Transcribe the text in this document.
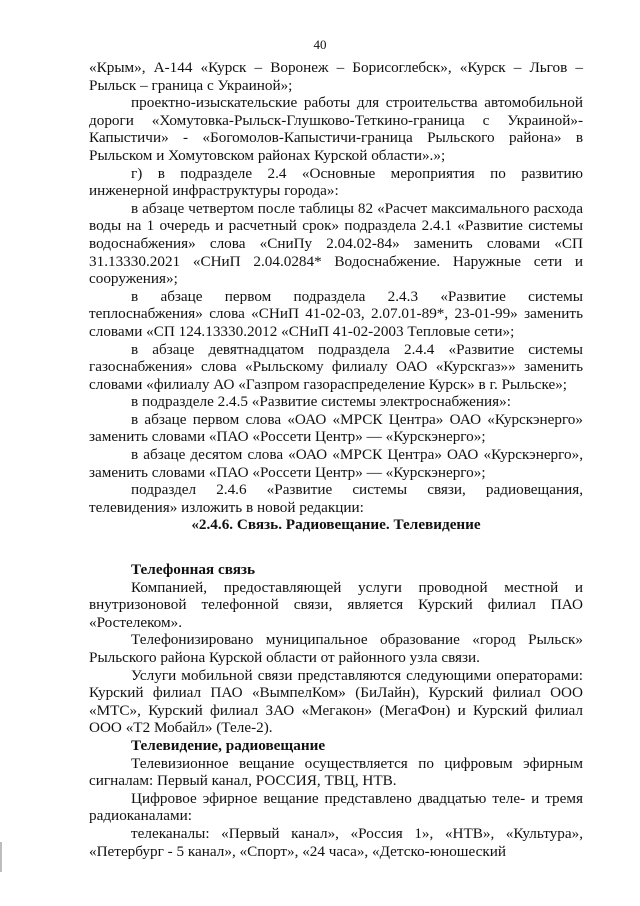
40

«Крым», А-144 «Курск – Воронеж – Борисоглебск», «Курск – Льгов – Рыльск – граница с Украиной»;

проектно-изыскательские работы для строительства автомобильной дороги «Хомутовка-Рыльск-Глушково-Теткино-граница с Украиной»-Капыстичи» - «Богомолов-Капыстичи-граница Рыльского района» в Рыльском и Хомутовском районах Курской области».»;

г) в подразделе 2.4 «Основные мероприятия по развитию инженерной инфраструктуры города»:

в абзаце четвертом после таблицы 82 «Расчет максимального расхода воды на 1 очередь и расчетный срок» подраздела 2.4.1 «Развитие системы водоснабжения» слова «СниПу 2.04.02-84» заменить словами «СП 31.13330.2021 «СНиП 2.04.0284* Водоснабжение. Наружные сети и сооружения»;

в абзаце первом подраздела 2.4.3 «Развитие системы теплоснабжения» слова «СНиП 41-02-03, 2.07.01-89*, 23-01-99» заменить словами «СП 124.13330.2012 «СНиП 41-02-2003 Тепловые сети»;

в абзаце девятнадцатом подраздела 2.4.4 «Развитие системы газоснабжения» слова «Рыльскому филиалу ОАО «Курскгаз»» заменить словами «филиалу АО «Газпром газораспределение Курск» в г. Рыльске»;

в подразделе 2.4.5 «Развитие системы электроснабжения»:

в абзаце первом слова «ОАО «МРСК Центра» ОАО «Курскэнерго» заменить словами «ПАО «Россети Центр» — «Курскэнерго»;

в абзаце десятом слова «ОАО «МРСК Центра» ОАО «Курскэнерго», заменить словами «ПАО «Россети Центр» — «Курскэнерго»;

подраздел 2.4.6 «Развитие системы связи, радиовещания, телевидения» изложить в новой редакции:

«2.4.6. Связь. Радиовещание. Телевидение

Телефонная связь

Компанией, предоставляющей услуги проводной местной и внутризоновой телефонной связи, является Курский филиал ПАО «Ростелеком».

Телефонизировано муниципальное образование «город Рыльск» Рыльского района Курской области от районного узла связи.

Услуги мобильной связи представляются следующими операторами: Курский филиал ПАО «ВымпелКом» (БиЛайн), Курский филиал ООО «МТС», Курский филиал ЗАО «Мегакон» (МегаФон) и Курский филиал ООО «Т2 Мобайл» (Теле-2).

Телевидение, радиовещание

Телевизионное вещание осуществляется по цифровым эфирным сигналам: Первый канал, РОССИЯ, ТВЦ, НТВ.

Цифровое эфирное вещание представлено двадцатью теле- и тремя радиоканалами:

телеканалы: «Первый канал», «Россия 1», «НТВ», «Культура», «Петербург - 5 канал», «Спорт», «24 часа», «Детско-юношеский
